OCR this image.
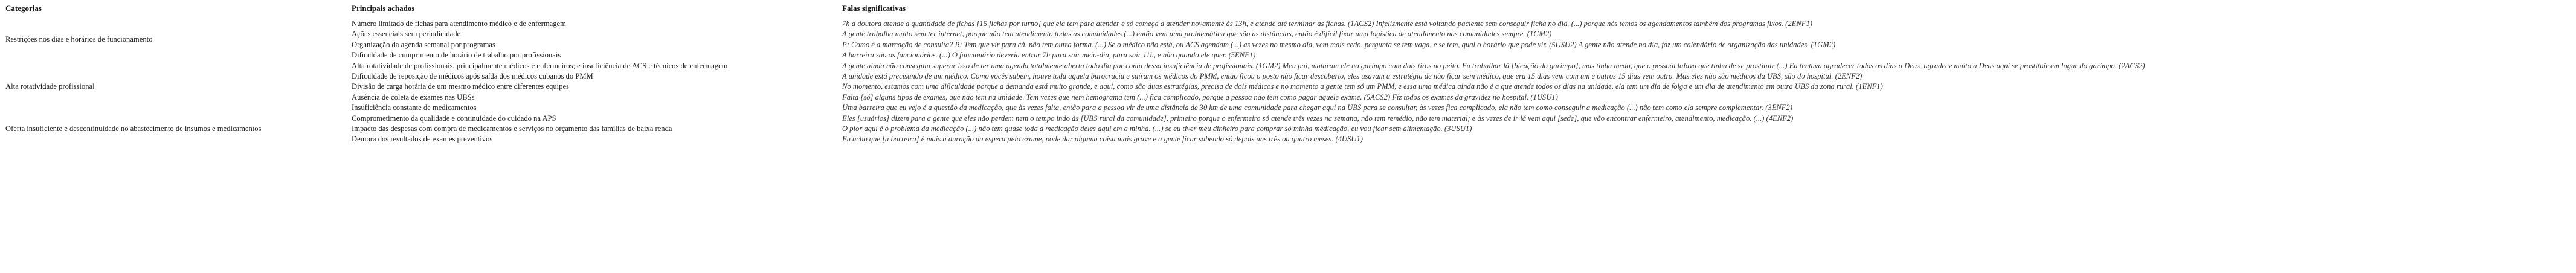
Categorias	Principais achados	Falas significativas
Restrições nos dias e horários de funcionamento	Número limitado de fichas para atendimento médico e de enfermagem	7h a doutora atende a quantidade de fichas [15 fichas por turno] que ela tem para atender e só começa a atender novamente às 13h, e atende até terminar as fichas. (1ACS2) Infelizmente está voltando paciente sem conseguir ficha no dia. (...) porque nós temos os agendamentos também dos programas fixos. (2ENF1)
	Ações essenciais sem periodicidade	A gente trabalha muito sem ter internet, porque não tem atendimento todas as comunidades (...) então vem uma problemática que são as distâncias, então é difícil fixar uma logística de atendimento nas comunidades sempre. (1GM2)
	Organização da agenda semanal por programas	P: Como é a marcação de consulta? R: Tem que vir para cá, não tem outra forma. (...) Se o médico não está, ou ACS agendam (...) as vezes no mesmo dia, vem mais cedo, pergunta se tem vaga, e se tem, qual o horário que pode vir. (5USU2) A gente não atende no dia, faz um calendário de organização das unidades. (1GM2)
	Dificuldade de cumprimento de horário de trabalho por profissionais	A barreira são os funcionários. (...) O funcionário deveria entrar 7h para sair meio-dia, para sair 11h, e não quando ele quer. (5ENF1)
Alta rotatividade profissional	Alta rotatividade de profissionais, principalmente médicos e enfermeiros; e insuficiência de ACS e técnicos de enfermagem	A gente ainda não conseguiu superar isso de ter uma agenda totalmente aberta todo dia por conta dessa insuficiência de profissionais. (1GM2) Meu pai, mataram ele no garimpo com dois tiros no peito. Eu trabalhar lá [bicação do garimpo], mas tinha medo, que o pessoal falava que tinha de se prostituir (...) Eu tentava agradecer todos os dias a Deus, agradece muito a Deus aqui se prostituir em lugar do garimpo. (2ACS2)
	Dificuldade de reposição de médicos após saída dos médicos cubanos do PMM	A unidade está precisando de um médico. Como vocês sabem, houve toda aquela burocracia e saíram os médicos do PMM, então ficou o posto não ficar descoberto, eles usavam a estratégia de não ficar sem médico, que era 15 dias vem com um e outros 15 dias vem outro. Mas eles não são médicos da UBS, são do hospital. (2ENF2)
	Divisão de carga horária de um mesmo médico entre diferentes equipes	No momento, estamos com uma dificuldade porque a demanda está muito grande, e aqui, como são duas estratégias, precisa de dois médicos e no momento a gente tem só um PMM, e essa uma médica ainda não é a que atende todos os dias na unidade, ela tem um dia de folga e um dia de atendimento em outra UBS da zona rural. (1ENF1)
	Ausência de coleta de exames nas UBSs	Falta [só] alguns tipos de exames, que não têm na unidade. Tem vezes que nem hemograma tem (...) fica complicado, porque a pessoa não tem como pagar aquele exame. (5ACS2) Fiz todos os exames da gravidez no hospital. (1USU1)
	Insuficiência constante de medicamentos	Uma barreira que eu vejo é a questão da medicação, que às vezes falta, então para a pessoa vir de uma distância de 30 km de uma comunidade para chegar aqui na UBS para se consultar, às vezes fica complicado, ela não tem como conseguir a medicação (...) não tem como ela sempre complementar. (3ENF2)
Oferta insuficiente e descontinuidade no abastecimento de insumos e medicamentos	Comprometimento da qualidade e continuidade do cuidado na APS	Eles [usuários] dizem para a gente que eles não perdem nem o tempo indo às [UBS rural da comunidade], primeiro porque o enfermeiro só atende três vezes na semana, não tem remédio, não tem material; e às vezes de ir lá vem aqui [sede], que vão encontrar enfermeiro, atendimento, medicação. (...) (4ENF2)
	Impacto das despesas com compra de medicamentos e serviços no orçamento das famílias de baixa renda	O pior aqui é o problema da medicação (...) não tem quase toda a medicação deles aqui em a minha. (...) se eu tiver meu dinheiro para comprar só minha medicação, eu vou ficar sem alimentação. (3USU1)
	Demora dos resultados de exames preventivos	Eu acho que [a barreira] é mais a duração da espera pelo exame, pode dar alguma coisa mais grave e a gente ficar sabendo só depois uns três ou quatro meses. (4USU1)
